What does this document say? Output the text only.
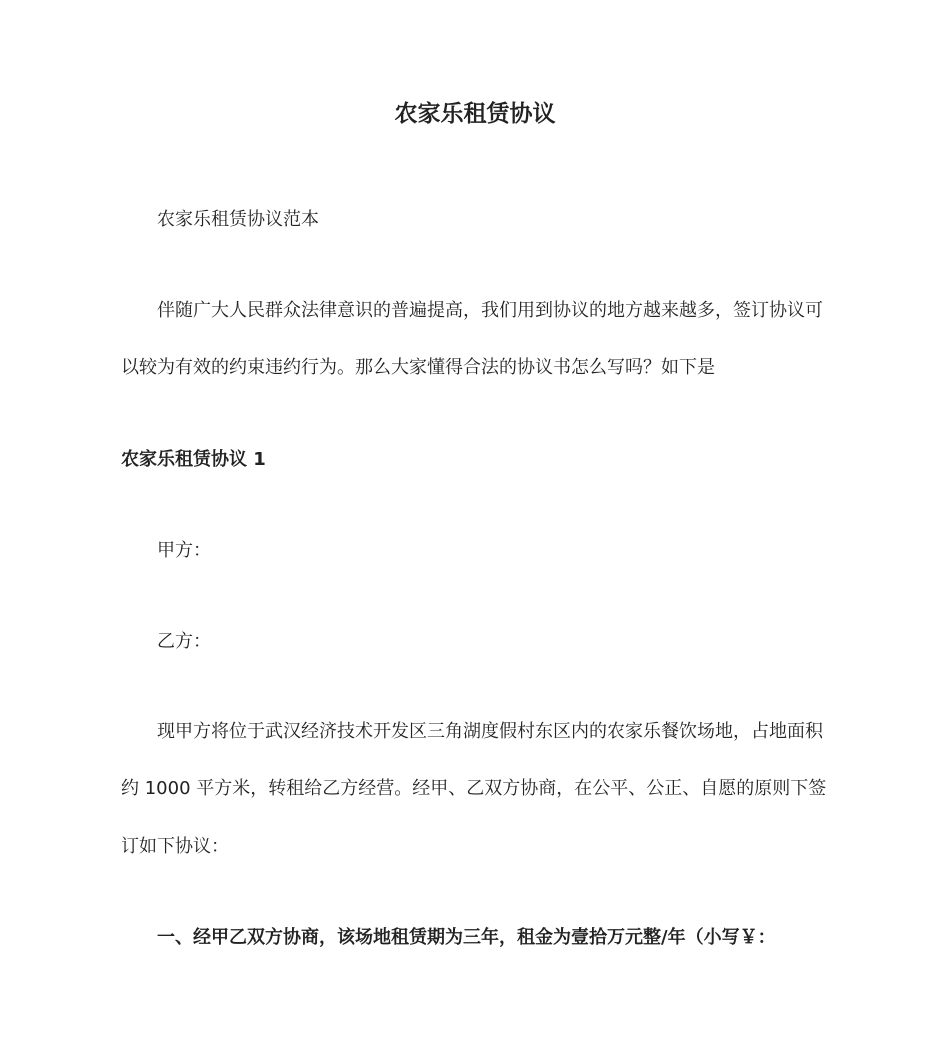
农家乐租赁协议
农家乐租赁协议范本
伴随广大人民群众法律意识的普遍提高，我们用到协议的地方越来越多，签订协议可
以较为有效的约束违约行为。那么大家懂得合法的协议书怎么写吗？如下是
农家乐租赁协议 1
甲方：
乙方：
现甲方将位于武汉经济技术开发区三角湖度假村东区内的农家乐餐饮场地，占地面积
约 1000 平方米，转租给乙方经营。经甲、乙双方协商，在公平、公正、自愿的原则下签
订如下协议：
一、经甲乙双方协商，该场地租赁期为三年，租金为壹拾万元整/年（小写￥：
